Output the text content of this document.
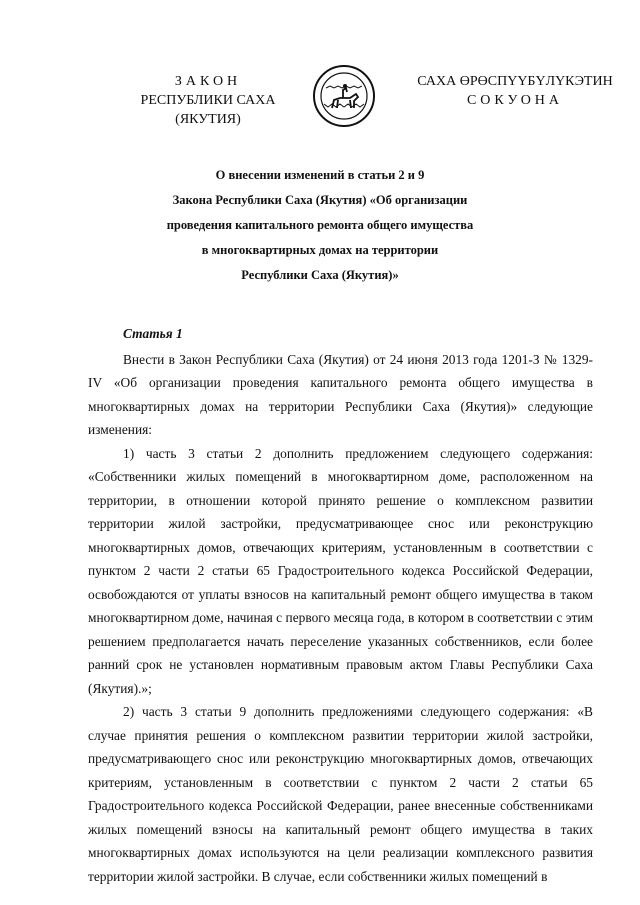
ЗАКОН
РЕСПУБЛИКИ САХА (ЯКУТИЯ)
САХА ӨРӨСПҮҮБҮЛҮКЭТИН
СОКУОНА
О внесении изменений в статьи 2 и 9
Закона Республики Саха (Якутия) «Об организации
проведения капитального ремонта общего имущества
в многоквартирных домах на территории
Республики Саха (Якутия)»
Статья 1

Внести в Закон Республики Саха (Якутия) от 24 июня 2013 года 1201-З № 1329-IV «Об организации проведения капитального ремонта общего имущества в многоквартирных домах на территории Республики Саха (Якутия)» следующие изменения:

1) часть 3 статьи 2 дополнить предложением следующего содержания: «Собственники жилых помещений в многоквартирном доме, расположенном на территории, в отношении которой принято решение о комплексном развитии территории жилой застройки, предусматривающее снос или реконструкцию многоквартирных домов, отвечающих критериям, установленным в соответствии с пунктом 2 части 2 статьи 65 Градостроительного кодекса Российской Федерации, освобождаются от уплаты взносов на капитальный ремонт общего имущества в таком многоквартирном доме, начиная с первого месяца года, в котором в соответствии с этим решением предполагается начать переселение указанных собственников, если более ранний срок не установлен нормативным правовым актом Главы Республики Саха (Якутия).»;

2) часть 3 статьи 9 дополнить предложениями следующего содержания: «В случае принятия решения о комплексном развитии территории жилой застройки, предусматривающего снос или реконструкцию многоквартирных домов, отвечающих критериям, установленным в соответствии с пунктом 2 части 2 статьи 65 Градостроительного кодекса Российской Федерации, ранее внесенные собственниками жилых помещений взносы на капитальный ремонт общего имущества в таких многоквартирных домах используются на цели реализации комплексного развития территории жилой застройки. В случае, если собственники жилых помещений в
